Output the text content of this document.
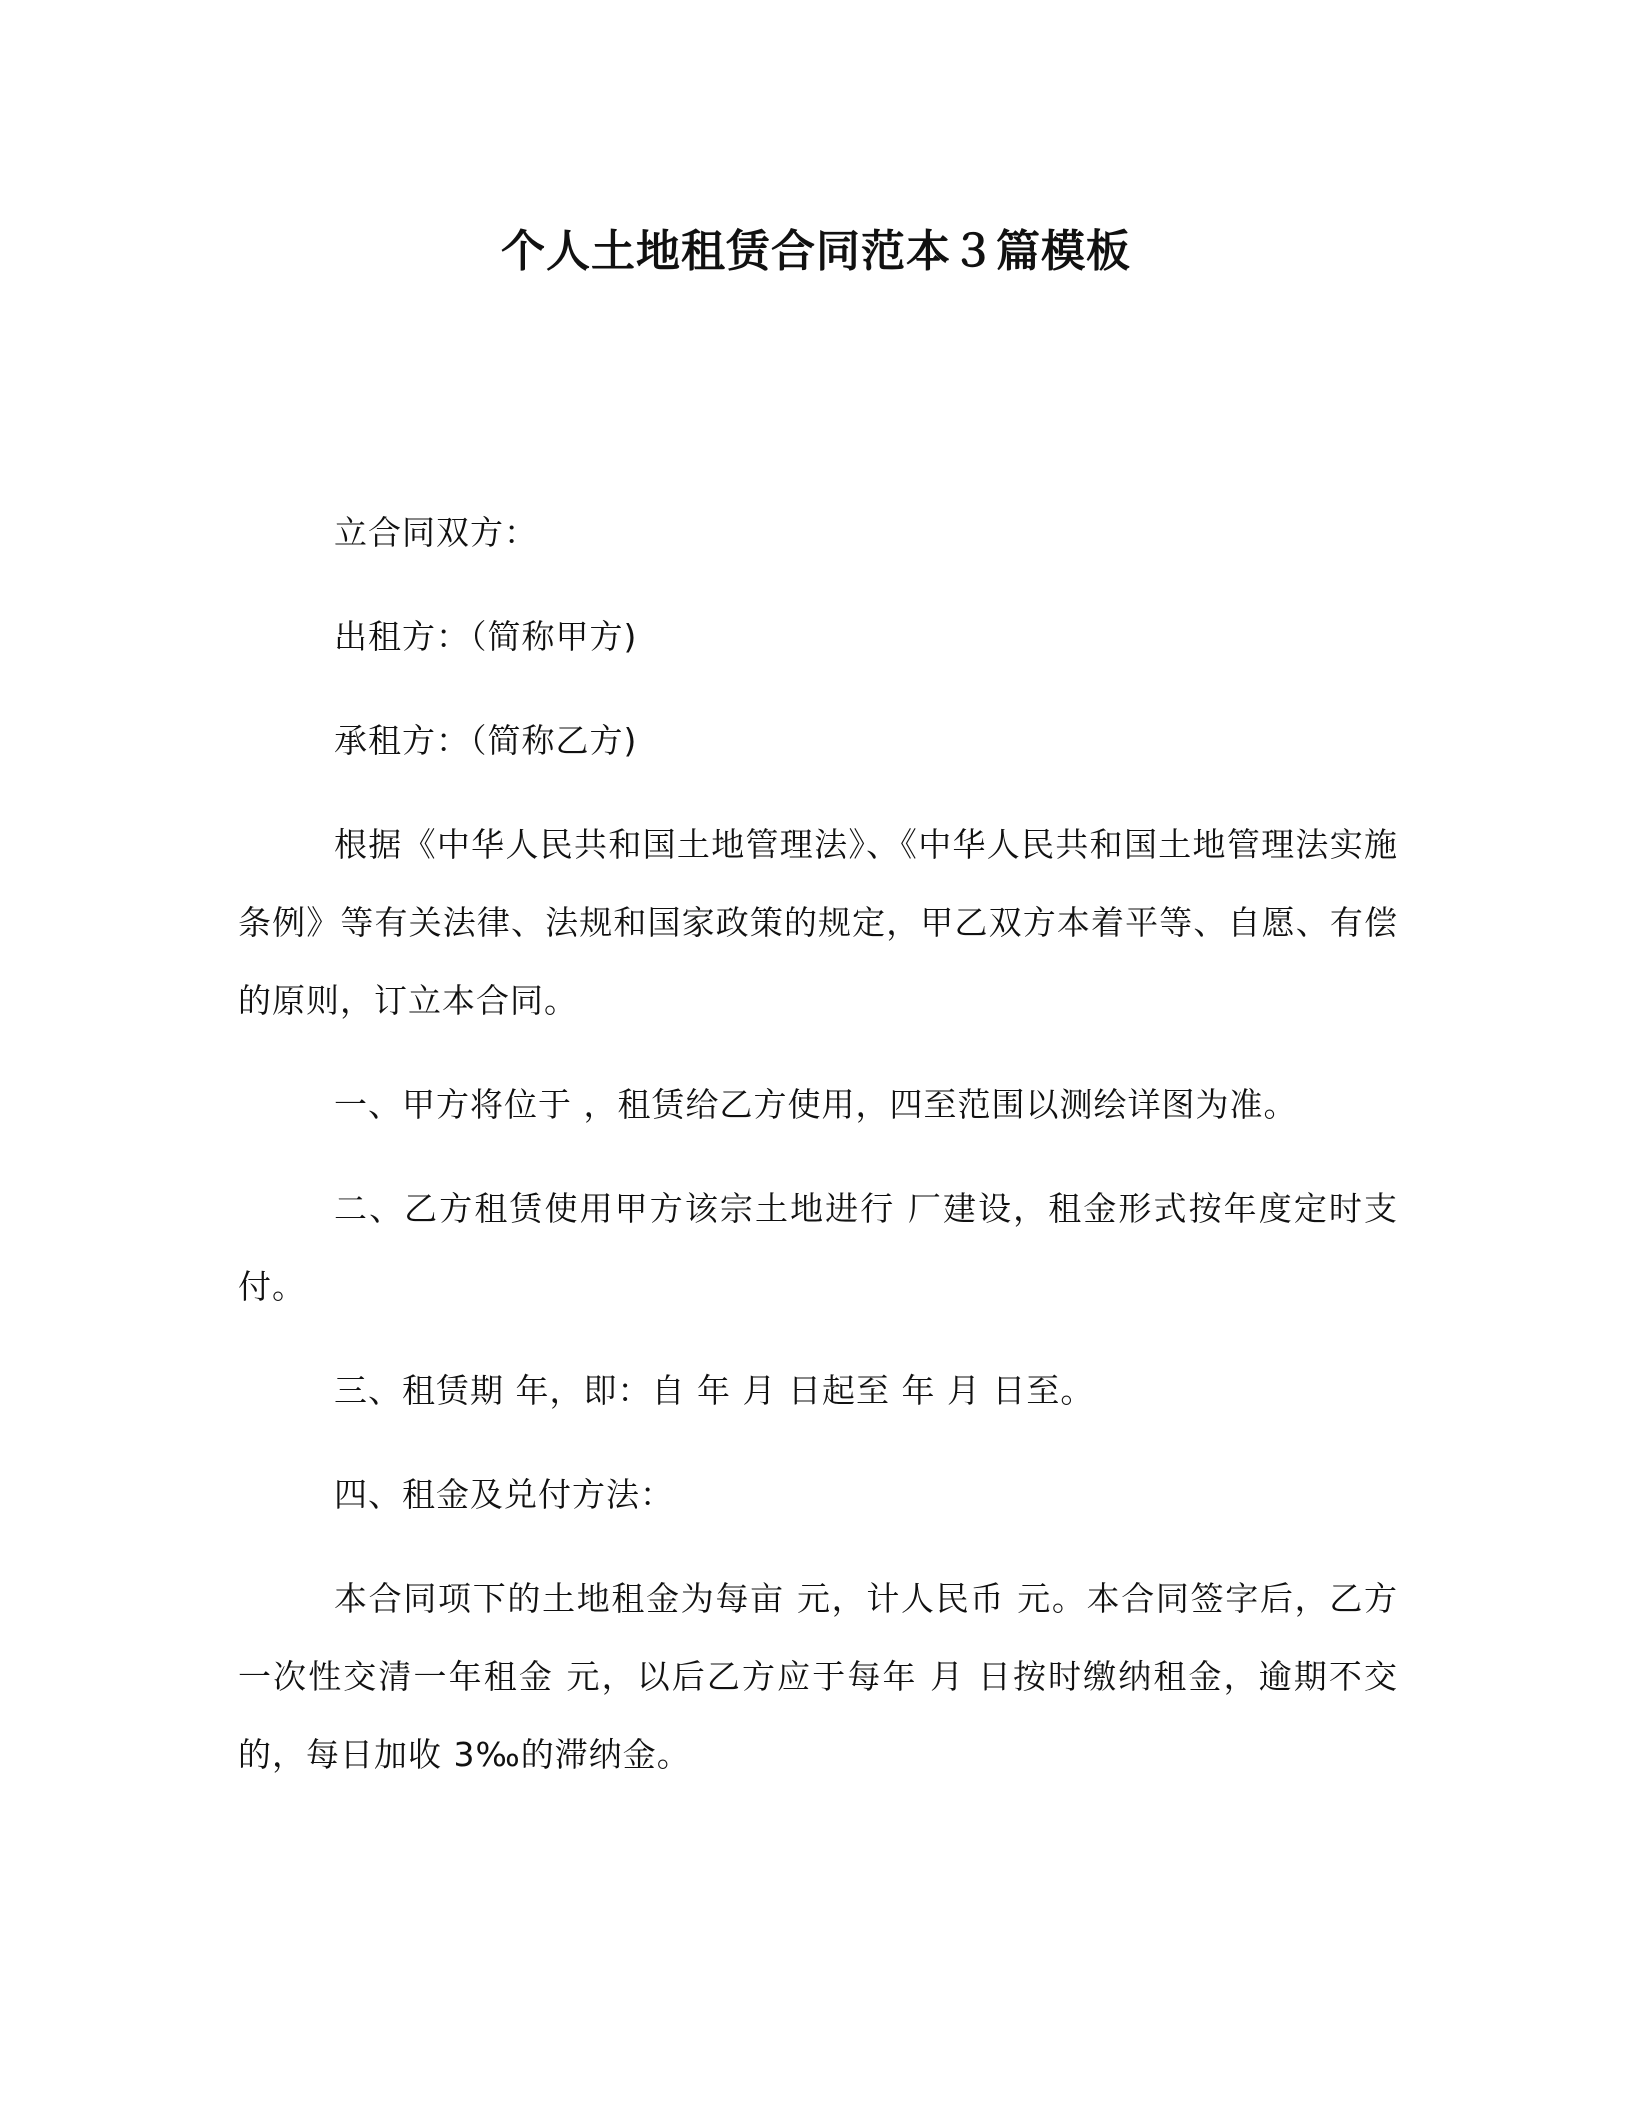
个人土地租赁合同范本３篇模板

立合同双方：

出租方：（简称甲方)

承租方：（简称乙方)

根据《中华人民共和国土地管理法》、《中华人民共和国土地管理法实施条例》等有关法律、法规和国家政策的规定，甲乙双方本着平等、自愿、有偿的原则，订立本合同。

一、甲方将位于 ，租赁给乙方使用，四至范围以测绘详图为准。

二、乙方租赁使用甲方该宗土地进行 厂建设，租金形式按年度定时支付。

三、租赁期 年，即：自 年 月 日起至 年 月 日至。

四、租金及兑付方法：

本合同项下的土地租金为每亩 元，计人民币 元。本合同签字后，乙方一次性交清一年租金 元，以后乙方应于每年 月 日按时缴纳租金，逾期不交的，每日加收 3‰的滞纳金。
